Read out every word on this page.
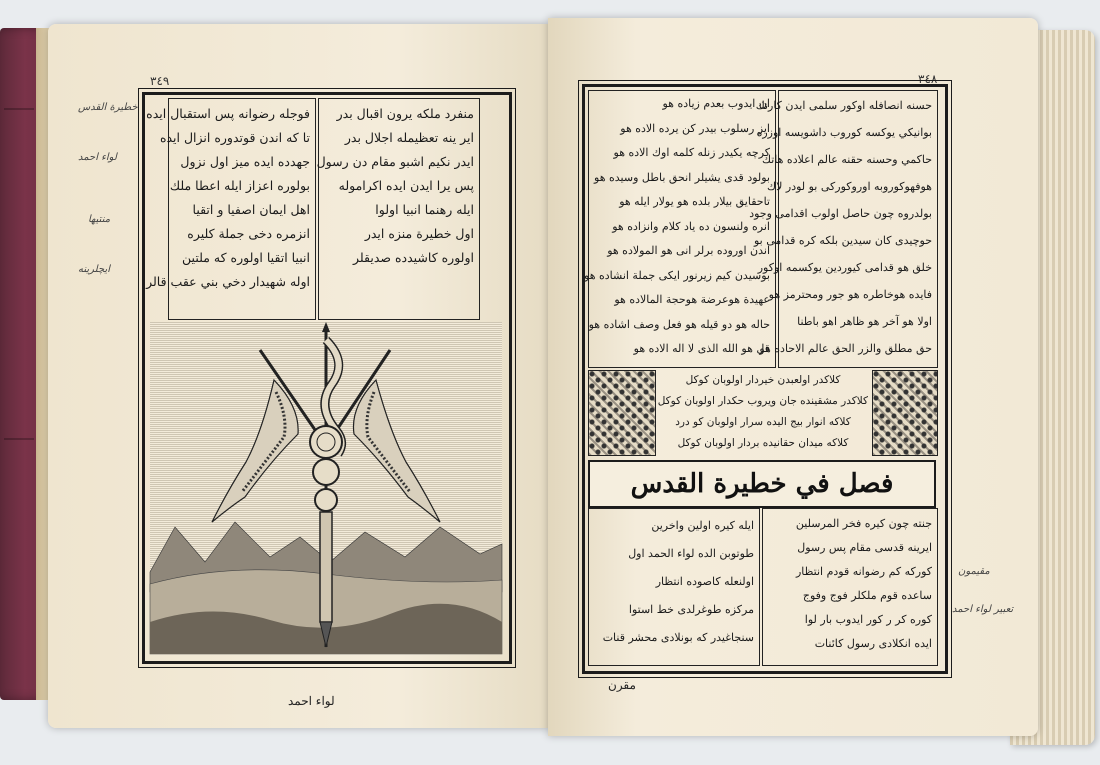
٣٤٩
خطيرة القدس
لواء احمد
منتيها
ايچلرينه
منفرد ملكه يرون اقبال بدر
اير ينه تعظيمله اجلال بدر
ايدر نكيم اشبو مقام دن رسول
پس يرا ايدن ايده اكراموله
ايله رهنما انبيا اولوا
اول خطيرة منزه ايدر
اولوره كاشيدده صديقلر
فوجله رضوانه پس استقبال ايده
تا كه اندن قوتدوره انزال ايده
جهدده ايده ميز اول نزول
بولوره اعزاز ايله اعطا ملك
اهل ايمان اصفيا و اتقيا
انزمره دخى جملة كليره
انبيا اتقيا اولوره كه ملتين
اوله شهيدار دخي بني عقب قالر
لواء احمد
٣٤٨
ان ايدوب بعدم زياده هو
ايز رسلوب بيدر كن يرده الاده هو
كرچه يكيدر زنله كلمه اوك الاده هو
بولود قدى يشيلر انحق باطل وسيده هو
تاحقايق بيلار بلده هو يولار ايله هو
انره ولنسون ده ياد كلام وانزاده هو
اندن اوروده برلر انى هو المولاده هو
بوسيدن كيم زيرنور ايكى جملة انشاده هو
عهيدة هوعرضة هوحجة المالاده هو
حاله هو دو قيله هو فعل وصف اشاده هو
قل هو الله الذى لا اله الاده هو
حسنه انصافله اوكور سلمى ايدن كارنك
بوانيكي يوكسه كوروب داشويسه اوزره
حاكمي وحسنه حقنه عالم اعلاده هاتك
هوفهوكوروبه اوروكوركى بو لودر لاك
بولدروه چون حاصل اولوب اقدامى وجود
حوچيدى كان سيدين بلكه كره قدامى بو
خلق هو قدامى كيوردين يوكسمه اوكور
فايده هوخاطره هو جور ومحترمز هو
اولا هو آخر هو ظاهر اهو باطنا
حق مطلق والزر الحق عالم الاحاده هو
كلاكدر اولعبدن خيردار اولوبان كوكل
كلاكدر مشقينده جان ويروب حكدار اولوبان كوكل
كلاكه انوار بيج اليده سرار اولوبان كو درد
كلاكه ميدان حقانيده بردار اولوبان كوكل
فصل في خطيرة القدس
جنته چون كيره فخر المرسلين
ايرينه قدسى مقام پس رسول
كوركه كم رضوانه قودم انتظار
ساعده قوم ملكلر فوج وفوج
كوره كر ر كور ايدوب بار لوا
ايده انكلادى رسول كائنات
ايله كيره اولين واخرين
طوتوبن الده لواء الحمد اول
اولنعله كاصوده انتظار
مركزه طوغرلدى خط استوا
سنجاغيدر كه بونلادى محشر قنات
مقيمون
تعبير لواء احمد
مقرن
